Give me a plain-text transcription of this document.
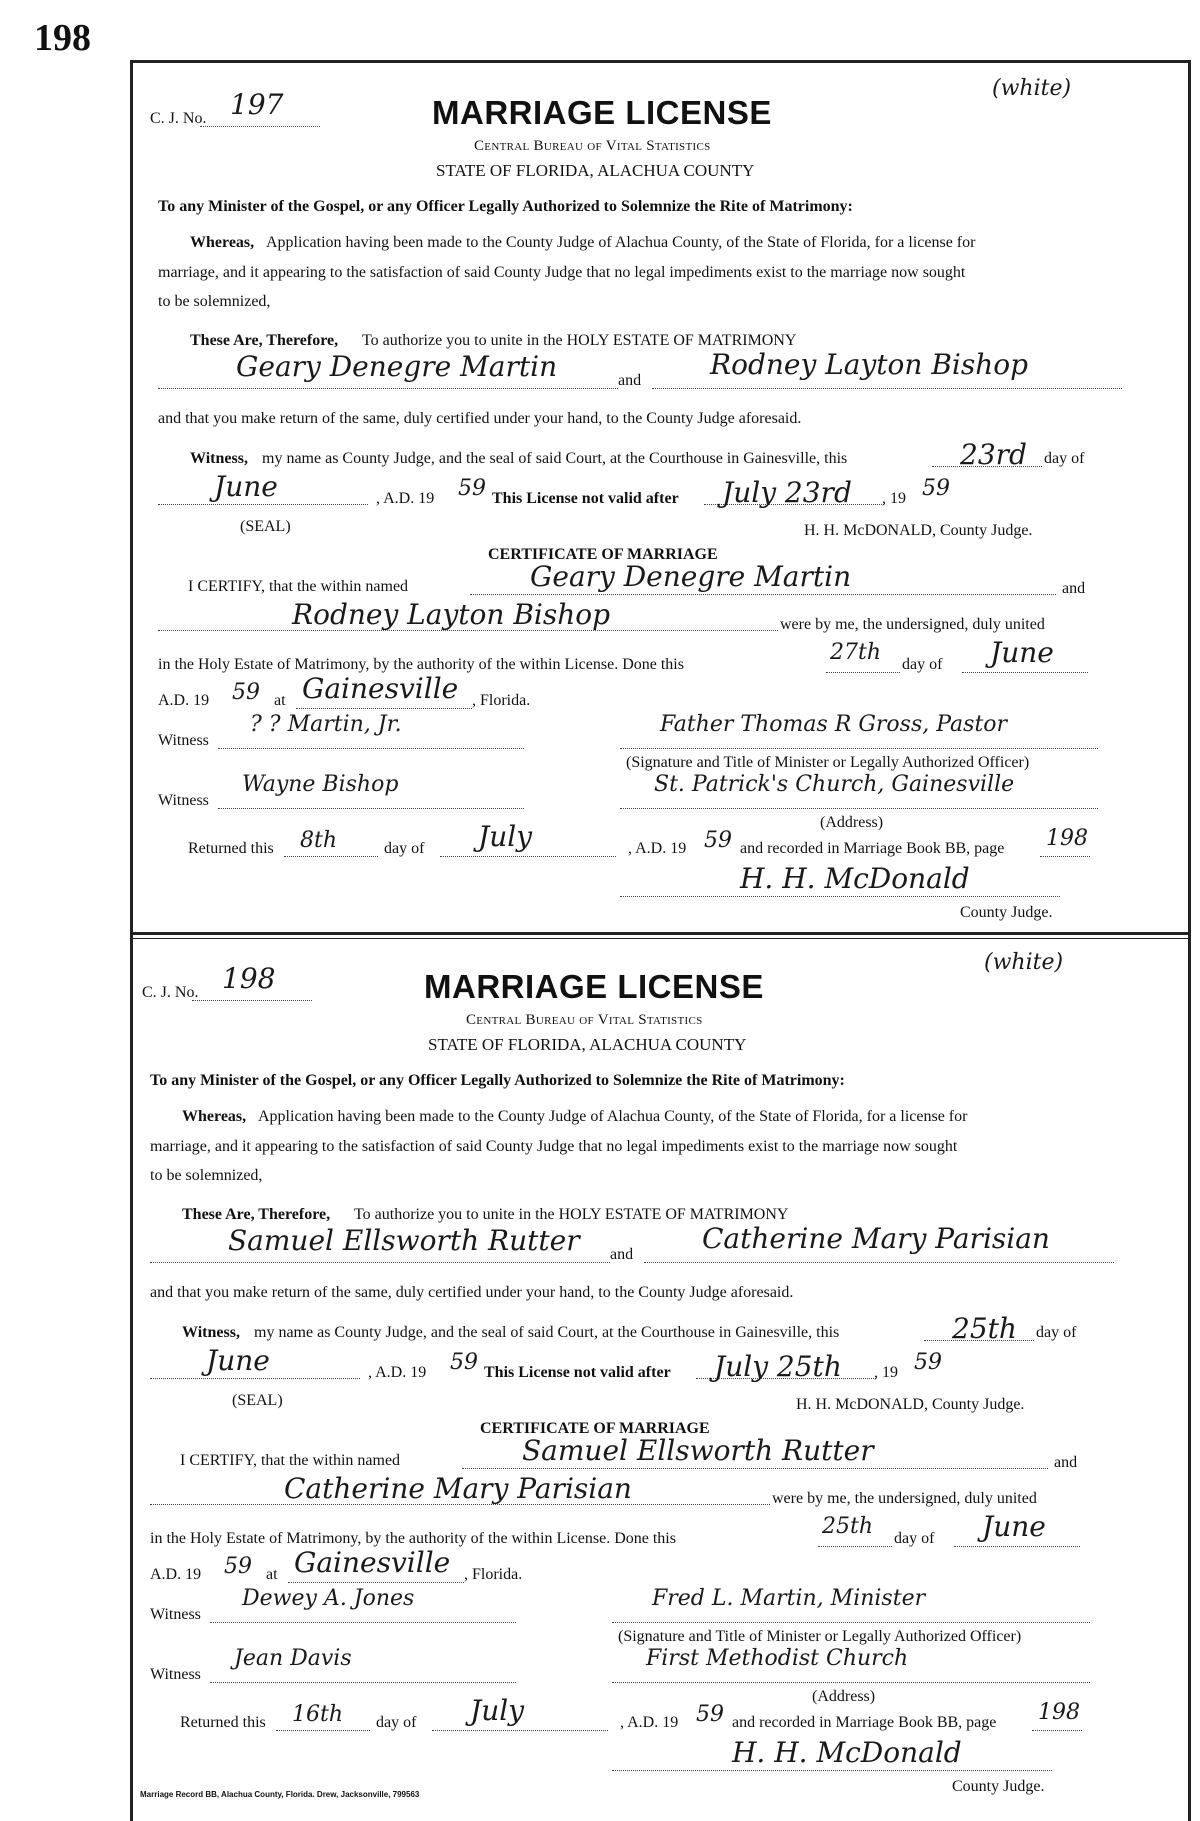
198
C. J. No. 197	MARRIAGE LICENSE
Central Bureau of Vital Statistics
STATE OF FLORIDA, ALACHUA COUNTY
(white)
To any Minister of the Gospel, or any Officer Legally Authorized to Solemnize the Rite of Matrimony:
Whereas, Application having been made to the County Judge of Alachua County, of the State of Florida, for a license for
marriage, and it appearing to the satisfaction of said County Judge that no legal impediments exist to the marriage now sought
to be solemnized,
These Are, Therefore, To authorize you to unite in the HOLY ESTATE OF MATRIMONY
Geary Denegre Martin	and Rodney Layton Bishop
and that you make return of the same, duly certified under your hand, to the County Judge aforesaid.
Witness, my name as County Judge, and the seal of said Court, at the Courthouse in Gainesville, this	23rd day of
June	, A.D. 19 59 This License not valid after July 23rd , 19 59
(SEAL)	H. H. McDONALD, County Judge.
CERTIFICATE OF MARRIAGE
I CERTIFY, that the within named	Geary Denegre Martin	and
Rodney Layton Bishop	were by me, the undersigned, duly united
in the Holy Estate of Matrimony, by the authority of the within License. Done this	27th day of June
A.D. 19 59 at Gainesville , Florida.
Witness
? ? Martin, Jr.	Father Thomas R Gross, Pastor
(Signature and Title of Minister or Legally Authorized Officer)
Witness
Wayne Bishop	St. Patrick's Church, Gainesville
(Address)
Returned this 8th	day of July	, A.D. 19 59 and recorded in Marriage Book BB, page 198
H. H. McDonald
County Judge.
C. J. No. 198	MARRIAGE LICENSE
Central Bureau of Vital Statistics
STATE OF FLORIDA, ALACHUA COUNTY
(white)
To any Minister of the Gospel, or any Officer Legally Authorized to Solemnize the Rite of Matrimony:
Whereas, Application having been made to the County Judge of Alachua County, of the State of Florida, for a license for
marriage, and it appearing to the satisfaction of said County Judge that no legal impediments exist to the marriage now sought
to be solemnized,
These Are, Therefore, To authorize you to unite in the HOLY ESTATE OF MATRIMONY
Samuel Ellsworth Rutter and Catherine Mary Parisian
and that you make return of the same, duly certified under your hand, to the County Judge aforesaid.
Witness, my name as County Judge, and the seal of said Court, at the Courthouse in Gainesville, this	25th day of
June	, A.D. 19 59 This License not valid after July 25th , 19 59
(SEAL)	H. H. McDONALD, County Judge.
CERTIFICATE OF MARRIAGE
I CERTIFY, that the within named	Samuel Ellsworth Rutter	and
Catherine Mary Parisian	were by me, the undersigned, duly united
in the Holy Estate of Matrimony, by the authority of the within License. Done this	25th day of June
A.D. 19 59 at Gainesville , Florida.
Witness
Dewey A. Jones	Fred L. Martin, Minister
(Signature and Title of Minister or Legally Authorized Officer)
Witness
Jean Davis	First Methodist Church
(Address)
Returned this 16th day of July	, A.D. 19 59 and recorded in Marriage Book BB, page 198
H. H. McDonald
County Judge.
Marriage Record BB, Alachua County, Florida. Drew, Jacksonville, 799563
